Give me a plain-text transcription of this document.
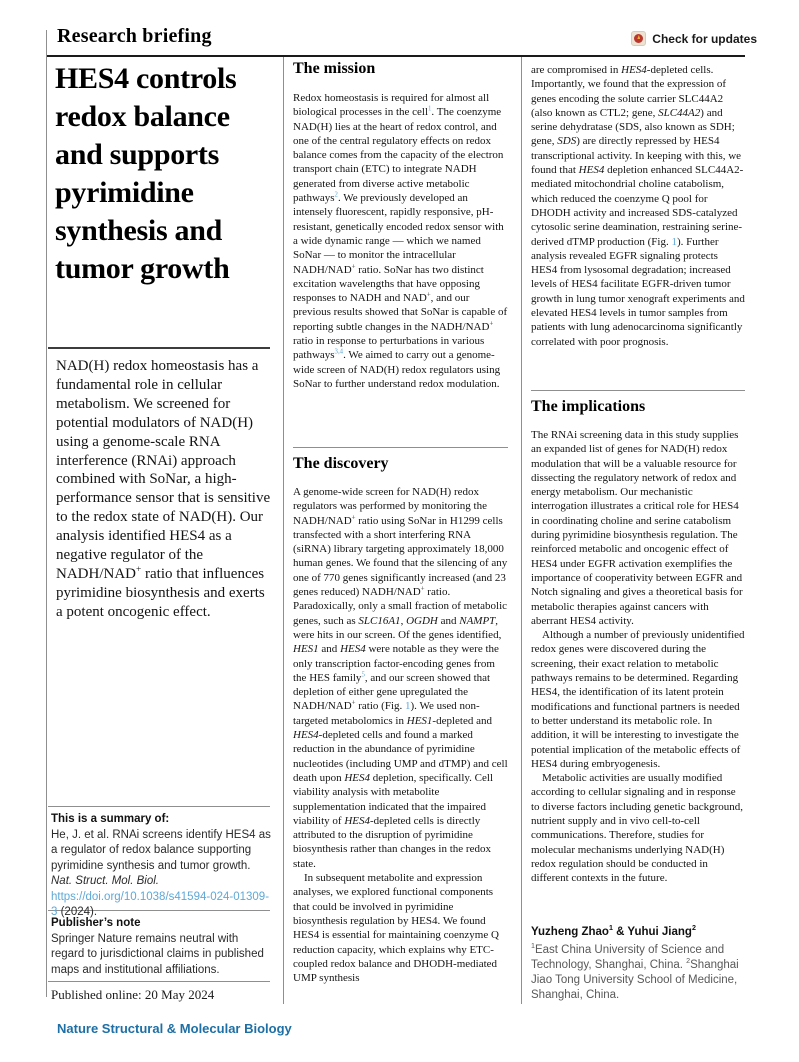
Research briefing	Check for updates
HES4 controls redox balance and supports pyrimidine synthesis and tumor growth

NAD(H) redox homeostasis has a fundamental role in cellular metabolism. We screened for potential modulators of NAD(H) using a genome-scale RNA interference (RNAi) approach combined with SoNar, a high-performance sensor that is sensitive to the redox state of NAD(H). Our analysis identified HES4 as a negative regulator of the NADH/NAD+ ratio that influences pyrimidine biosynthesis and exerts a potent oncogenic effect.

This is a summary of:

He, J. et al. RNAi screens identify HES4 as a regulator of redox balance supporting pyrimidine synthesis and tumor growth. Nat. Struct. Mol. Biol. https://doi.org/10.1038/s41594-024-01309-3 (2024).

Publisher’s note

Springer Nature remains neutral with regard to jurisdictional claims in published maps and institutional affiliations.

Published online: 20 May 2024
Nature Structural & Molecular Biology
The mission

Redox homeostasis is required for almost all biological processes in the cell$^1$. The coenzyme NAD(H) lies at the heart of redox control, and one of the central regulatory effects on redox balance comes from the capacity of the electron transport chain (ETC) to integrate NADH generated from diverse active metabolic pathways$^2$. We previously developed an intensely fluorescent, rapidly responsive, pH-resistant, genetically encoded redox sensor with a wide dynamic range — which we named SoNar — to monitor the intracellular NADH/NAD+ ratio. SoNar has two distinct excitation wavelengths that have opposing responses to NADH and NAD+, and our previous results showed that SoNar is capable of reporting subtle changes in the NADH/NAD+ ratio in response to perturbations in various pathways$^{3,4}$. We aimed to carry out a genome-wide screen of NAD(H) redox regulators using SoNar to further understand redox modulation.

The discovery

A genome-wide screen for NAD(H) redox regulators was performed by monitoring the NADH/NAD+ ratio using SoNar in H1299 cells transfected with a short interfering RNA (siRNA) library targeting approximately 18,000 human genes. We found that the silencing of any one of 770 genes significantly increased (and 23 genes reduced) NADH/NAD+ ratio. Paradoxically, only a small fraction of metabolic genes, such as SLC16A1, OGDH and NAMPT, were hits in our screen. Of the genes identified, HES1 and HES4 were notable as they were the only transcription factor-encoding genes from the HES family$^5$, and our screen showed that depletion of either gene upregulated the NADH/NAD+ ratio (Fig. 1). We used non-targeted metabolomics in HES1-depleted and HES4-depleted cells and found a marked reduction in the abundance of pyrimidine nucleotides (including UMP and dTMP) and cell death upon HES4 depletion, specifically. Cell viability analysis with metabolite supplementation indicated that the impaired viability of HES4-depleted cells is directly attributed to the disruption of pyrimidine biosynthesis rather than changes in the redox state.

In subsequent metabolite and expression analyses, we explored functional components that could be involved in pyrimidine biosynthesis regulation by HES4. We found HES4 is essential for maintaining coenzyme Q reduction capacity, which explains why ETC-coupled redox balance and DHODH-mediated UMP synthesis

are compromised in HES4-depleted cells. Importantly, we found that the expression of genes encoding the solute carrier SLC44A2 (also known as CTL2; gene, SLC44A2) and serine dehydratase (SDS, also known as SDH; gene, SDS) are directly repressed by HES4 transcriptional activity. In keeping with this, we found that HES4 depletion enhanced SLC44A2-mediated mitochondrial choline catabolism, which reduced the coenzyme Q pool for DHODH activity and increased SDS-catalyzed cytosolic serine deamination, restraining serine-derived dTMP production (Fig. 1). Further analysis revealed EGFR signaling protects HES4 from lysosomal degradation; increased levels of HES4 facilitate EGFR-driven tumor growth in lung tumor xenograft experiments and elevated HES4 levels in tumor samples from patients with lung adenocarcinoma significantly correlated with poor prognosis.

The implications

The RNAi screening data in this study supplies an expanded list of genes for NAD(H) redox modulation that will be a valuable resource for dissecting the regulatory network of redox and energy metabolism. Our mechanistic interrogation illustrates a critical role for HES4 in coordinating choline and serine catabolism during pyrimidine biosynthesis regulation. The reinforced metabolic and oncogenic effect of HES4 under EGFR activation exemplifies the importance of cooperativity between EGFR and Notch signaling and gives a theoretical basis for metabolic therapies against cancers with aberrant HES4 activity.

Although a number of previously unidentified redox genes were discovered during the screening, their exact relation to metabolic pathways remains to be determined. Regarding HES4, the identification of its latent protein modifications and functional partners is needed to better understand its metabolic role. In addition, it will be interesting to investigate the potential implication of the metabolic effects of HES4 during embryogenesis.

Metabolic activities are usually modified according to cellular signaling and in response to diverse factors including genetic background, nutrient supply and in vivo cell-to-cell communications. Therefore, studies for molecular mechanisms underlying NAD(H) redox regulation should be conducted in different contexts in the future.

Yuzheng Zhao$^1$ & Yuhui Jiang$^2$
$^1$East China University of Science and Technology, Shanghai, China. $^2$Shanghai Jiao Tong University School of Medicine, Shanghai, China.
